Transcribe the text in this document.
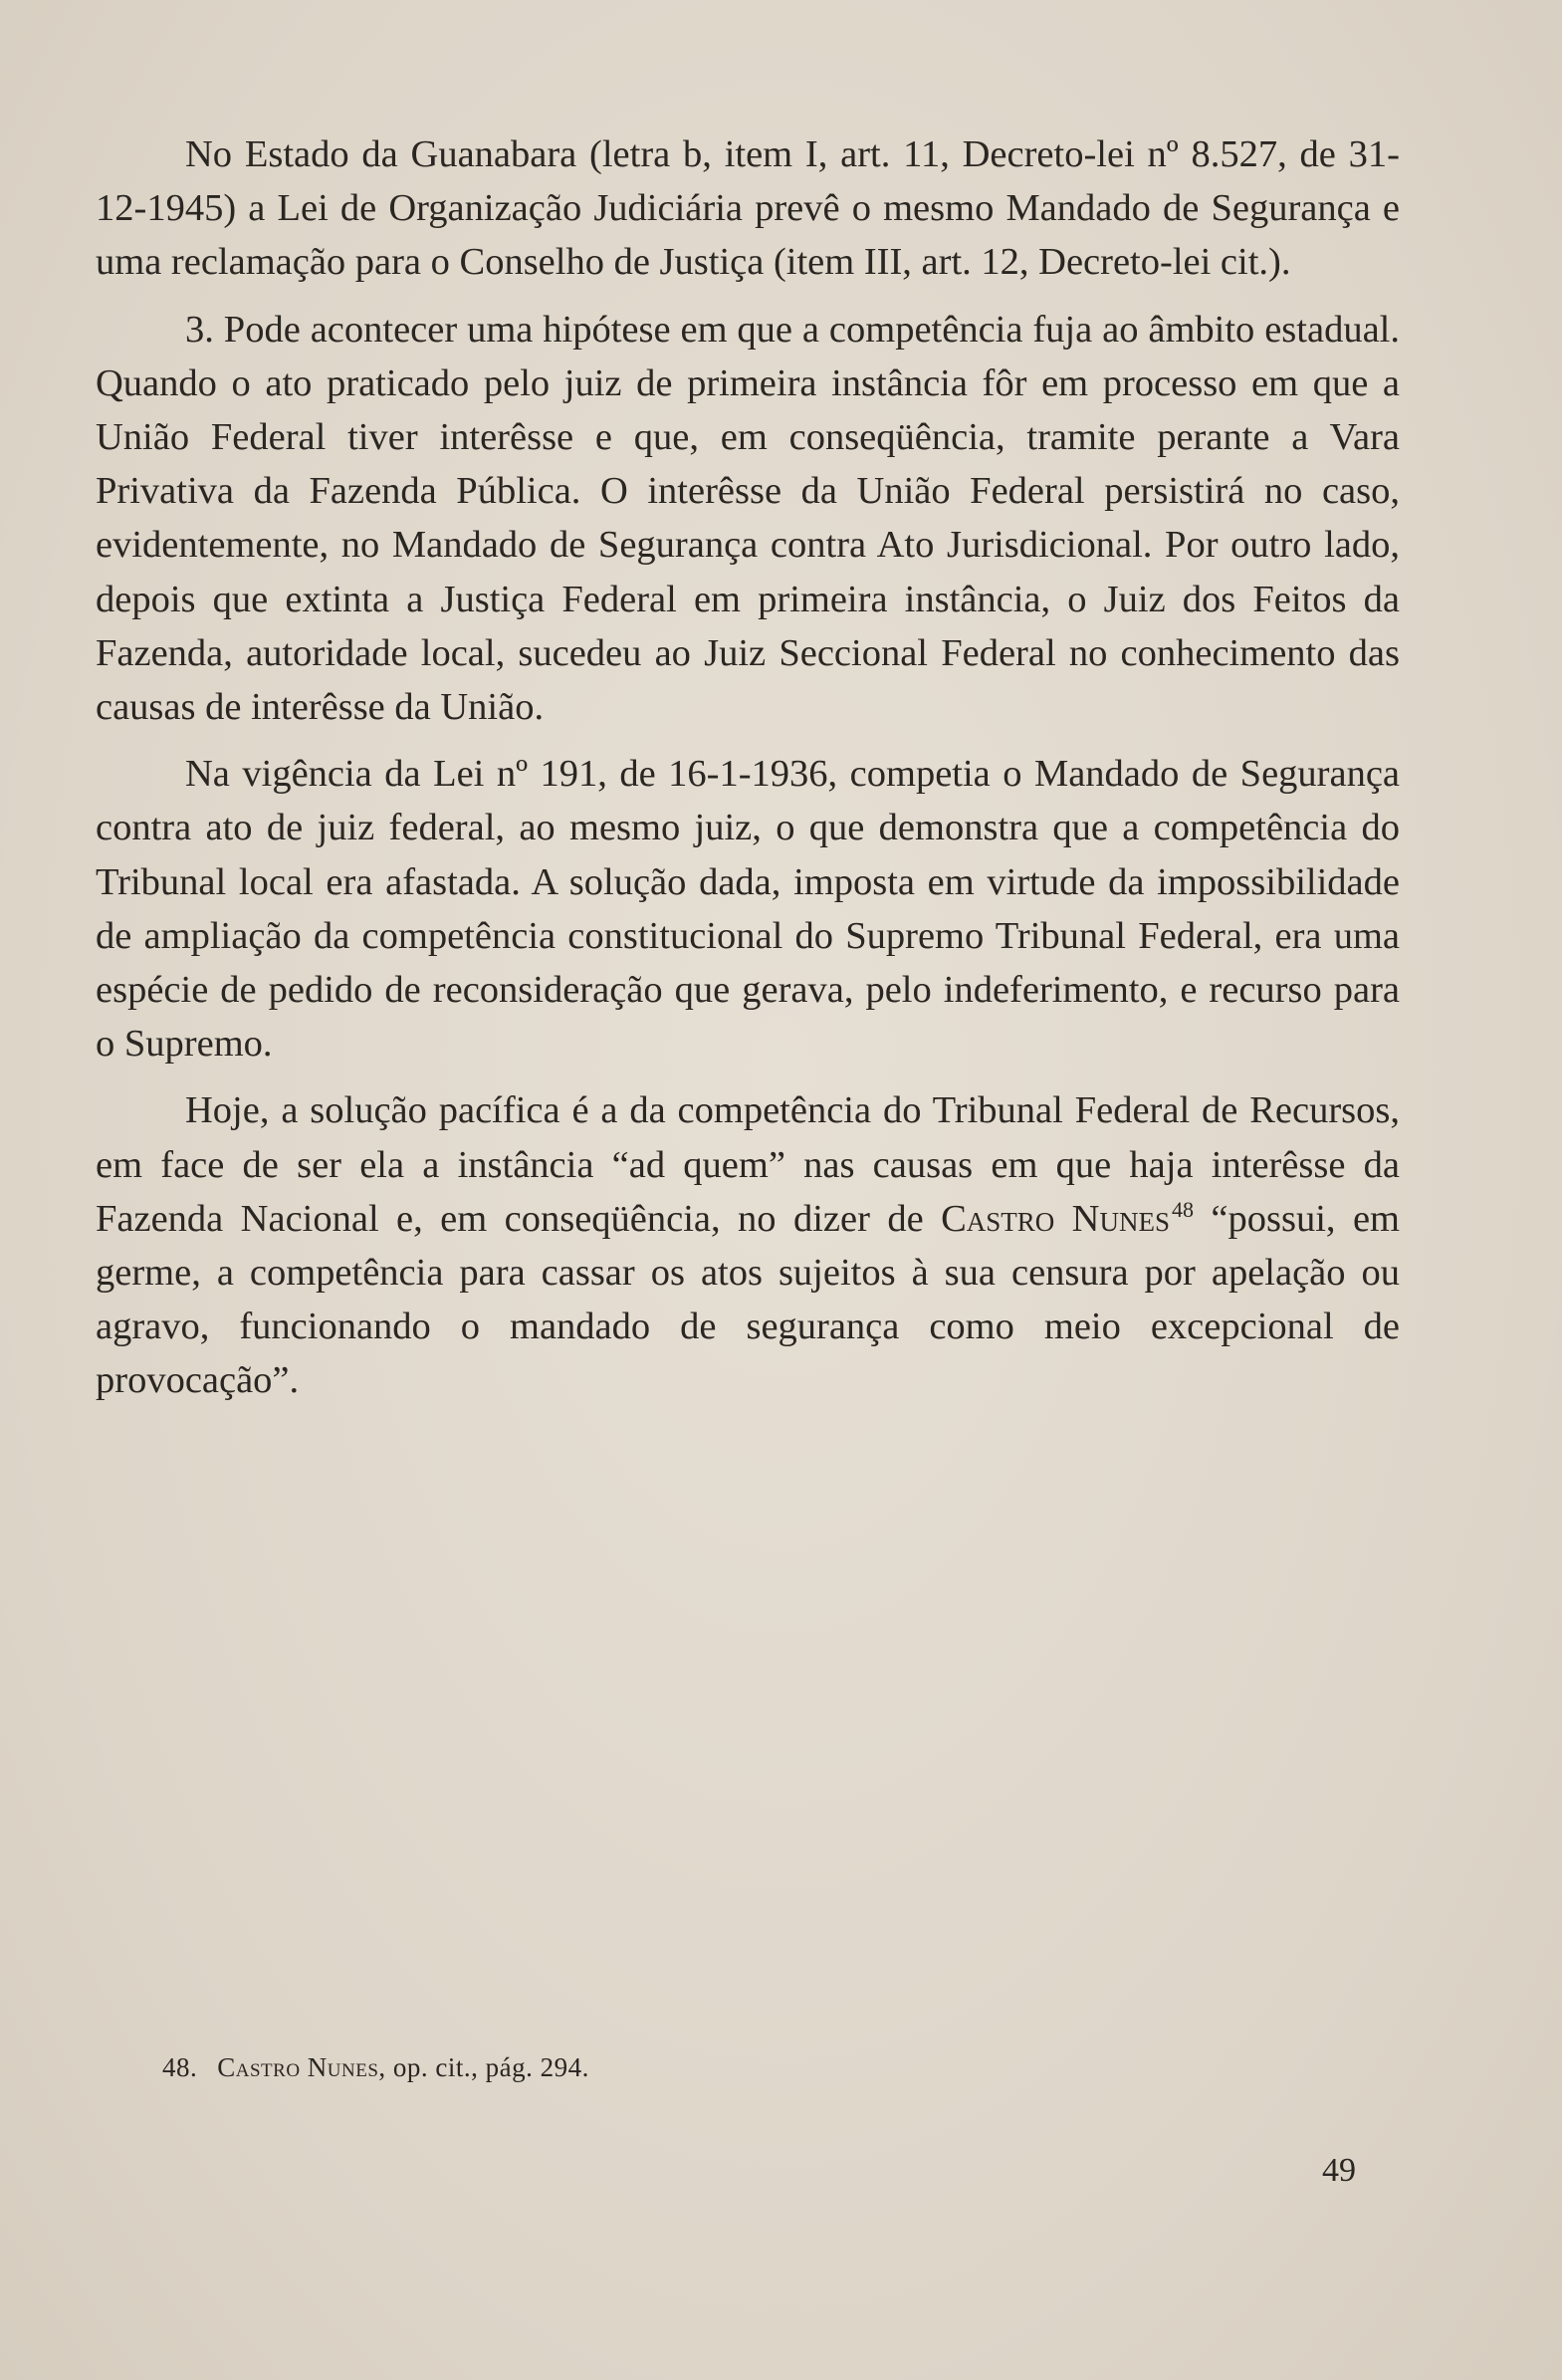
No Estado da Guanabara (letra b, item I, art. 11, Decreto-lei nº 8.527, de 31-12-1945) a Lei de Organização Judiciária prevê o mesmo Mandado de Segurança e uma reclamação para o Conselho de Justiça (item III, art. 12, Decreto-lei cit.).

3. Pode acontecer uma hipótese em que a competência fuja ao âmbito estadual. Quando o ato praticado pelo juiz de primeira instância fôr em processo em que a União Federal tiver interêsse e que, em conseqüência, tramite perante a Vara Privativa da Fazenda Pública. O interêsse da União Federal persistirá no caso, evidentemente, no Mandado de Segurança contra Ato Jurisdicional. Por outro lado, depois que extinta a Justiça Federal em primeira instância, o Juiz dos Feitos da Fazenda, autoridade local, sucedeu ao Juiz Seccional Federal no conhecimento das causas de interêsse da União.

Na vigência da Lei nº 191, de 16-1-1936, competia o Mandado de Segurança contra ato de juiz federal, ao mesmo juiz, o que demonstra que a competência do Tribunal local era afastada. A solução dada, imposta em virtude da impossibilidade de ampliação da competência constitucional do Supremo Tribunal Federal, era uma espécie de pedido de reconsideração que gerava, pelo indeferimento, e recurso para o Supremo.

Hoje, a solução pacífica é a da competência do Tribunal Federal de Recursos, em face de ser ela a instância “ad quem” nas causas em que haja interêsse da Fazenda Nacional e, em conseqüência, no dizer de Castro Nunes$^{48}$ “possui, em germe, a competência para cassar os atos sujeitos à sua censura por apelação ou agravo, funcionando o mandado de segurança como meio excepcional de provocação”.

48. Castro Nunes, op. cit., pág. 294.
49
